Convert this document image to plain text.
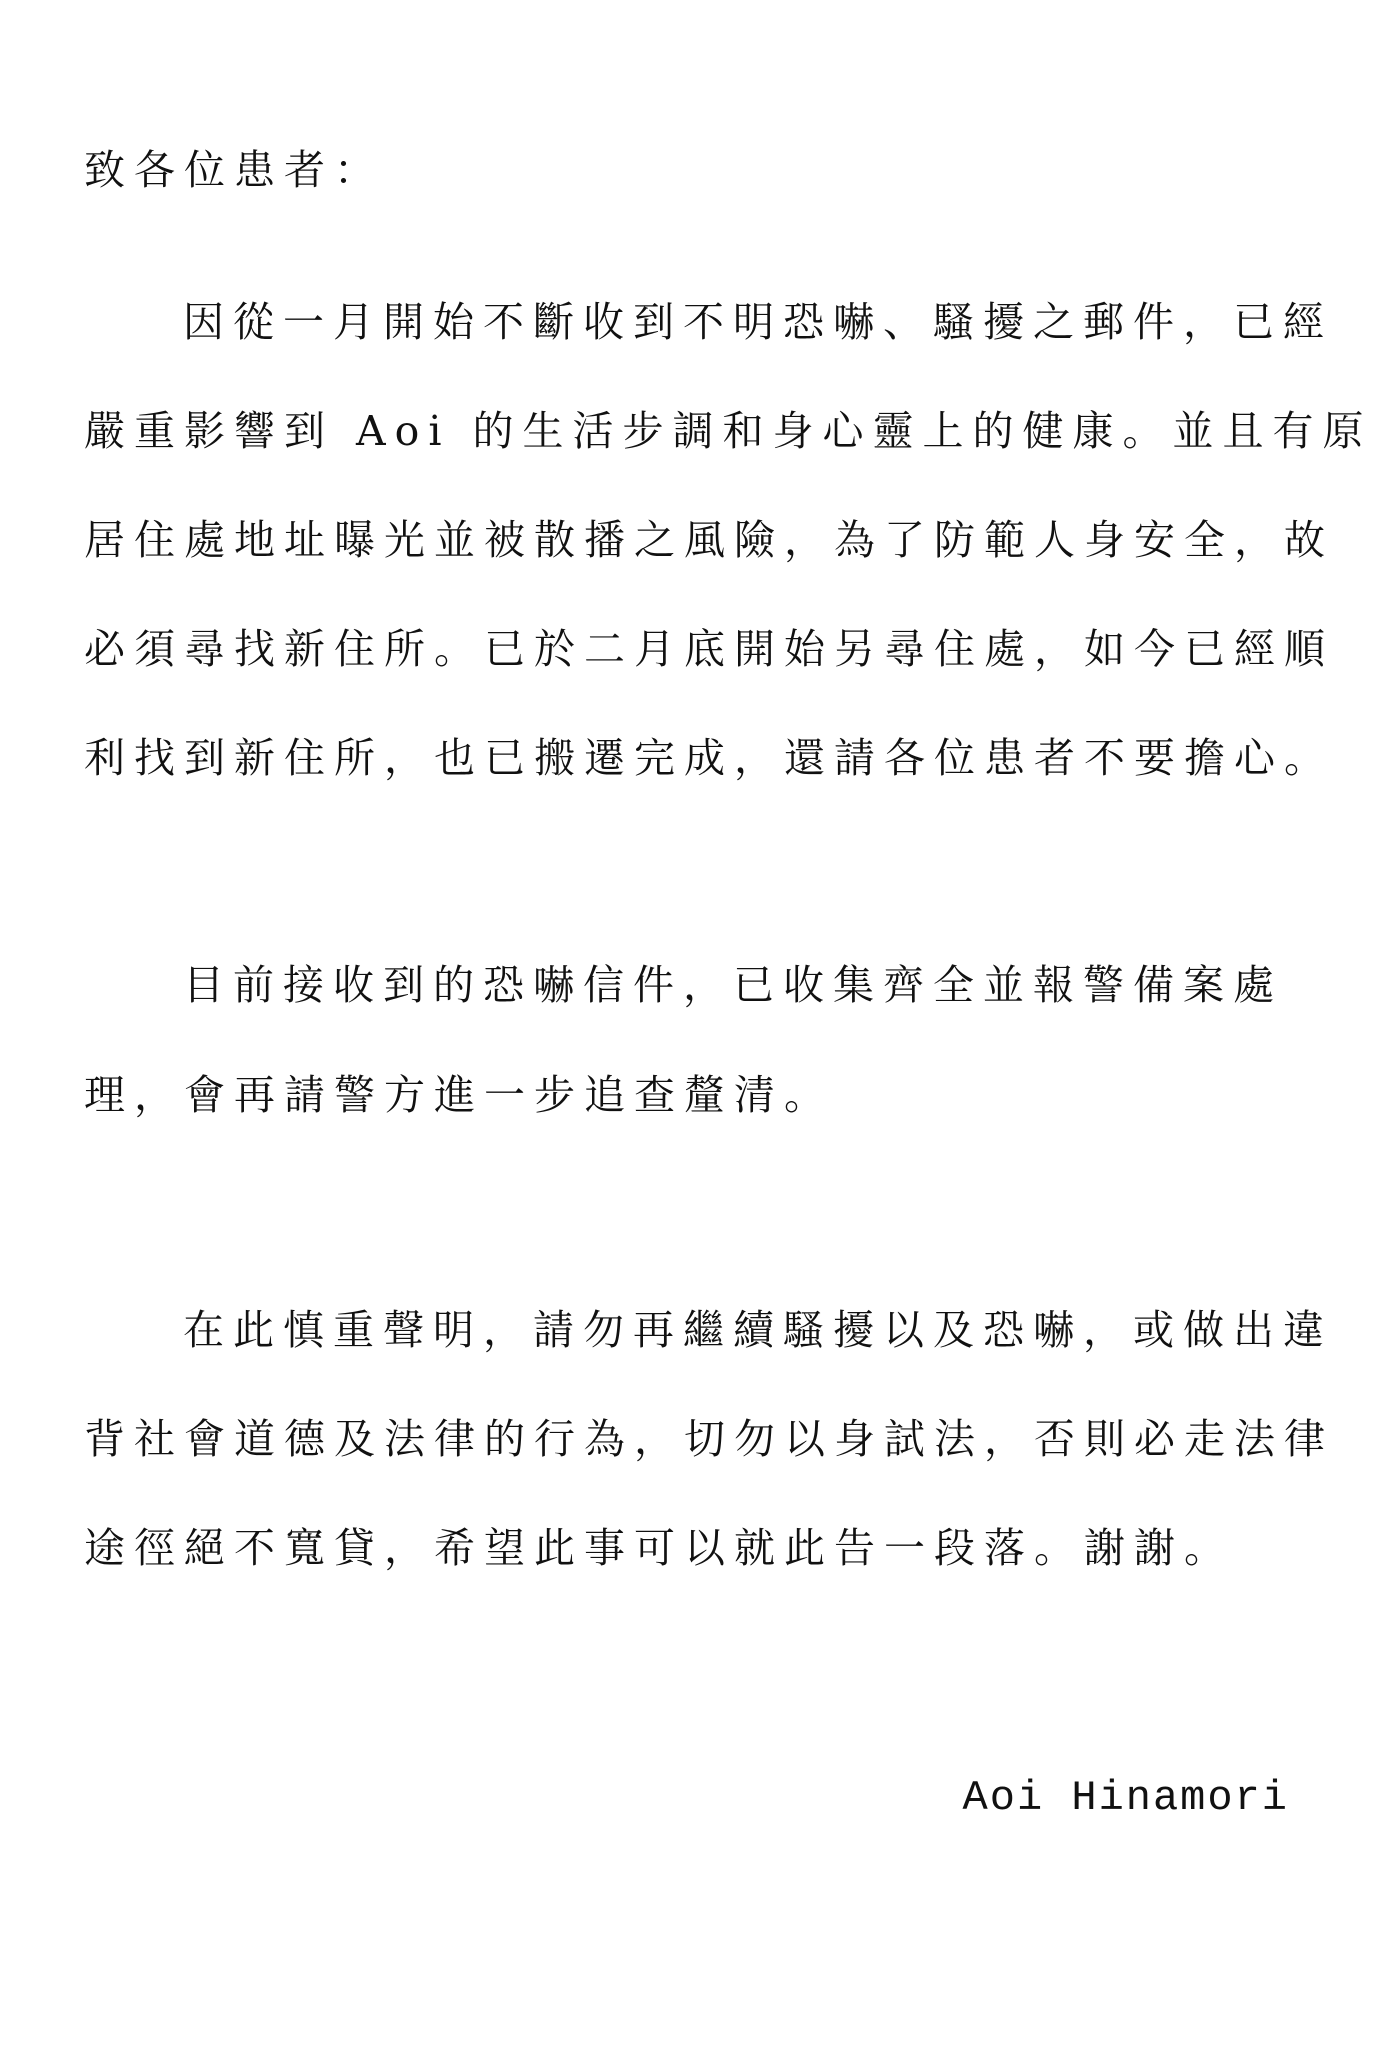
致各位患者：
因從一月開始不斷收到不明恐嚇、騷擾之郵件，已經
嚴重影響到 Aoi 的生活步調和身心靈上的健康。並且有原
居住處地址曝光並被散播之風險，為了防範人身安全，故
必須尋找新住所。已於二月底開始另尋住處，如今已經順
利找到新住所，也已搬遷完成，還請各位患者不要擔心。
目前接收到的恐嚇信件，已收集齊全並報警備案處
理，會再請警方進一步追查釐清。
在此慎重聲明，請勿再繼續騷擾以及恐嚇，或做出違
背社會道德及法律的行為，切勿以身試法，否則必走法律
途徑絕不寬貸，希望此事可以就此告一段落。謝謝。
Aoi Hinamori
